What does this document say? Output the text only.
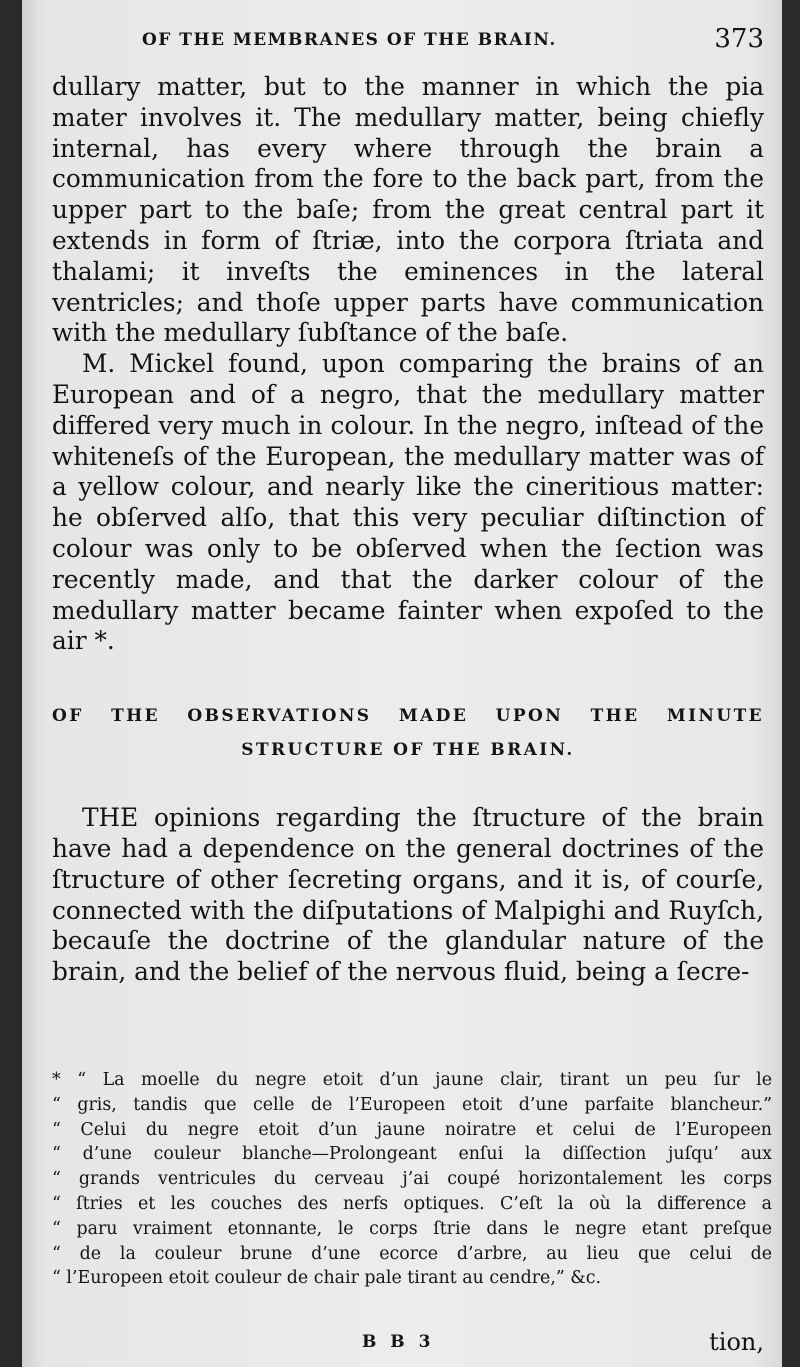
OF THE MEMBRANES OF THE BRAIN.	373

dullary matter, but to the manner in which the pia mater involves it. The medullary matter, being chiefly internal, has every where through the brain a communication from the fore to the back part, from the upper part to the baſe; from the great central part it extends in form of ſtriæ, into the corpora ſtriata and thalami; it inveſts the eminences in the lateral ventricles; and thoſe upper parts have communication with the medullary ſubſtance of the baſe.

M. Mickel found, upon comparing the brains of an European and of a negro, that the medullary matter differed very much in colour. In the negro, inſtead of the whiteneſs of the European, the medullary matter was of a yellow colour, and nearly like the cineritious matter: he obſerved alſo, that this very peculiar diſtinction of colour was only to be obſerved when the ſection was recently made, and that the darker colour of the medullary matter became fainter when expoſed to the air *.

OF THE OBSERVATIONS MADE UPON THE MINUTE
STRUCTURE OF THE BRAIN.

THE opinions regarding the ſtructure of the brain have had a dependence on the general doctrines of the ſtructure of other ſecreting organs, and it is, of courſe, connected with the diſputations of Malpighi and Ruyſch, becauſe the doctrine of the glandular nature of the brain, and the belief of the nervous fluid, being a ſecre-

* “ La moelle du negre etoit d’un jaune clair, tirant un peu ſur le
“ gris, tandis que celle de l’Europeen etoit d’une parfaite blancheur.”
“ Celui du negre etoit d’un jaune noiratre et celui de l’Europeen
“ d’une couleur blanche—Prolongeant enſui la diſſection juſqu’ aux
“ grands ventricules du cerveau j’ai coupé horizontalement les corps
“ ſtries et les couches des nerfs optiques. C’eſt la où la difference a
“ paru vraiment etonnante, le corps ſtrie dans le negre etant preſque
“ de la couleur brune d’une ecorce d’arbre, au lieu que celui de
“ l’Europeen etoit couleur de chair pale tirant au cendre,” &c.
B B 3	tion,
